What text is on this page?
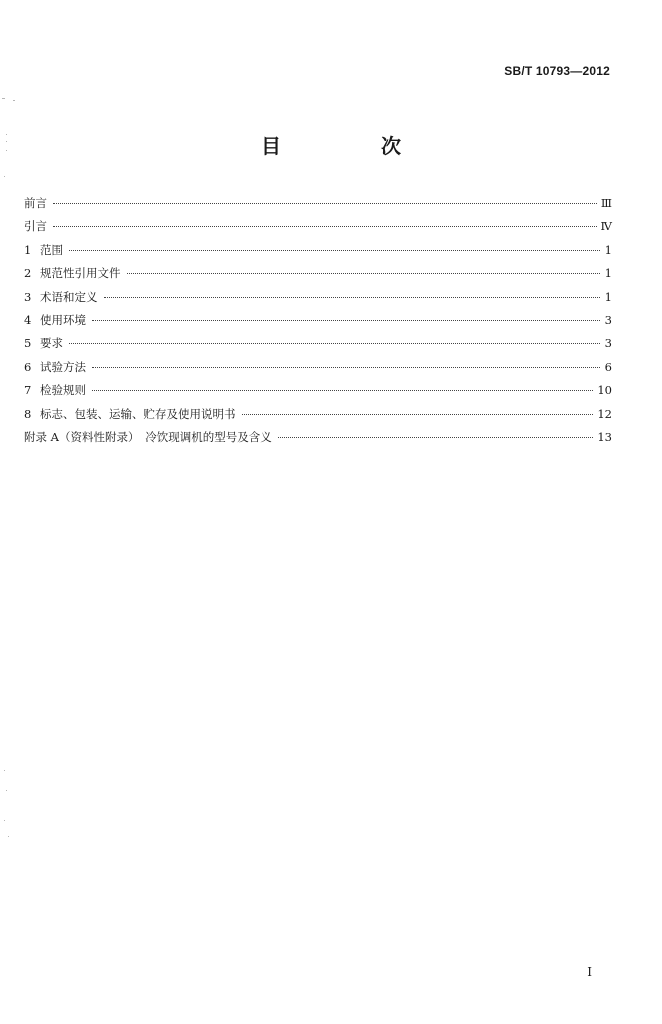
SB/T 10793—2012
目　次
前言	Ⅲ
引言	Ⅳ
1 范围	1
2 规范性引用文件	1
3 术语和定义	1
4 使用环境	3
5 要求	3
6 试验方法	6
7 检验规则	10
8 标志、包装、运输、贮存及使用说明书	12
附录 A（资料性附录）　冷饮现调机的型号及含义	13
I
